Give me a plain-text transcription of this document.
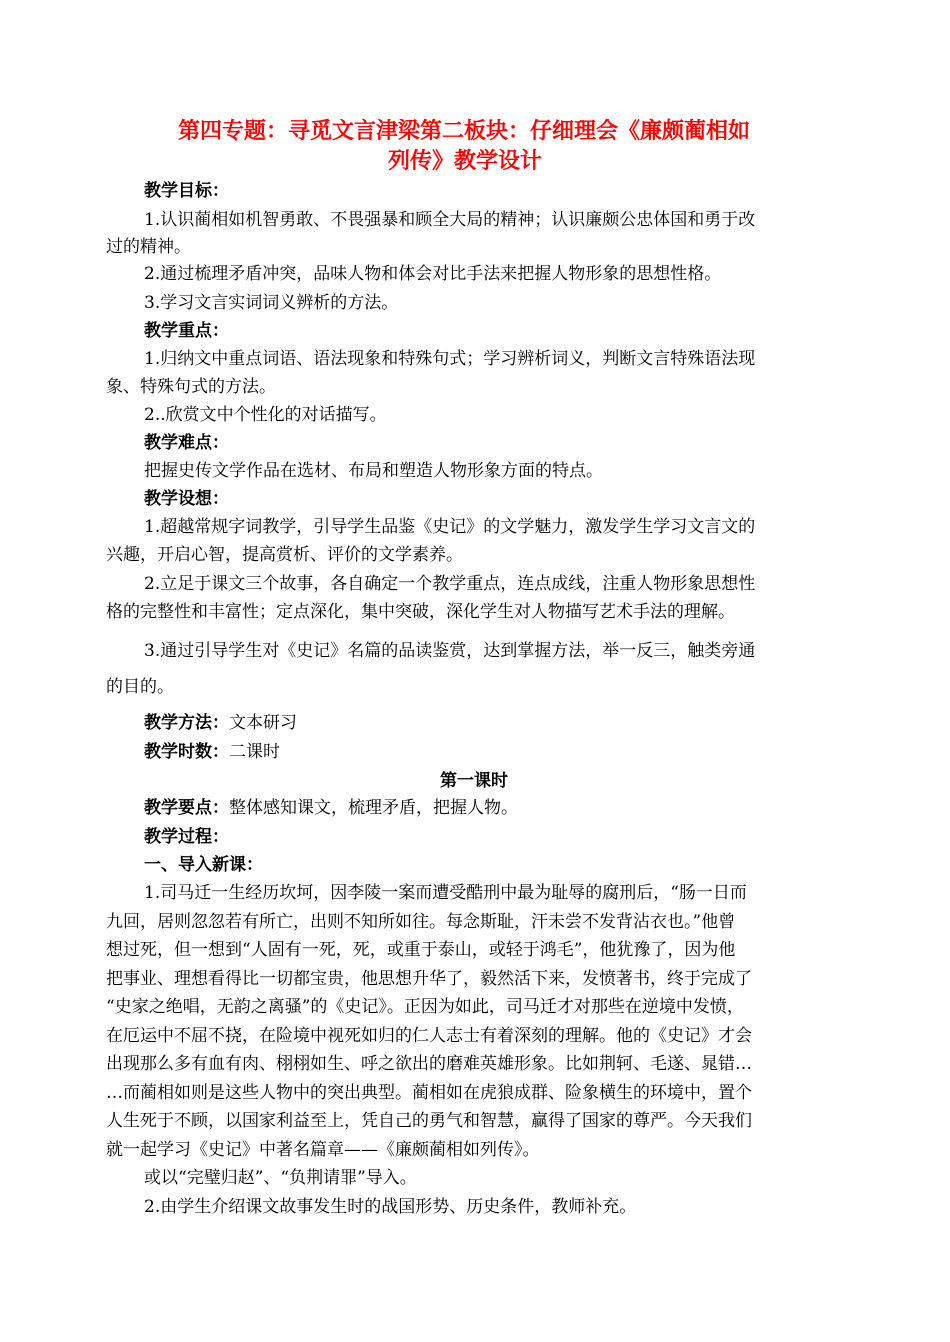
第四专题：寻觅文言津梁第二板块：仔细理会《廉颇蔺相如
列传》教学设计
教学目标：
1.认识蔺相如机智勇敢、不畏强暴和顾全大局的精神；认识廉颇公忠体国和勇于改
过的精神。
2.通过梳理矛盾冲突，品味人物和体会对比手法来把握人物形象的思想性格。
3.学习文言实词词义辨析的方法。
教学重点：
1.归纳文中重点词语、语法现象和特殊句式；学习辨析词义，判断文言特殊语法现
象、特殊句式的方法。
2..欣赏文中个性化的对话描写。
教学难点：
把握史传文学作品在选材、布局和塑造人物形象方面的特点。
教学设想：
1.超越常规字词教学，引导学生品鉴《史记》的文学魅力，激发学生学习文言文的
兴趣，开启心智，提高赏析、评价的文学素养。
2.立足于课文三个故事，各自确定一个教学重点，连点成线，注重人物形象思想性
格的完整性和丰富性；定点深化，集中突破，深化学生对人物描写艺术手法的理解。
3.通过引导学生对《史记》名篇的品读鉴赏，达到掌握方法，举一反三，触类旁通
的目的。
教学方法：文本研习
教学时数：二课时
第一课时
教学要点：整体感知课文，梳理矛盾，把握人物。
教学过程：
一、导入新课：
1.司马迁一生经历坎坷，因李陵一案而遭受酷刑中最为耻辱的腐刑后，“肠一日而
九回，居则忽忽若有所亡，出则不知所如往。每念斯耻，汗未尝不发背沾衣也。”他曾
想过死，但一想到“人固有一死，死，或重于泰山，或轻于鸿毛”，他犹豫了，因为他
把事业、理想看得比一切都宝贵，他思想升华了，毅然活下来，发愤著书，终于完成了
“史家之绝唱，无韵之离骚”的《史记》。正因为如此，司马迁才对那些在逆境中发愤，
在厄运中不屈不挠，在险境中视死如归的仁人志士有着深刻的理解。他的《史记》才会
出现那么多有血有肉、栩栩如生、呼之欲出的磨难英雄形象。比如荆轲、毛遂、晁错…
…而蔺相如则是这些人物中的突出典型。蔺相如在虎狼成群、险象横生的环境中，置个
人生死于不顾，以国家利益至上，凭自己的勇气和智慧，赢得了国家的尊严。今天我们
就一起学习《史记》中著名篇章——《廉颇蔺相如列传》。
或以“完璧归赵”、“负荆请罪”导入。
2.由学生介绍课文故事发生时的战国形势、历史条件，教师补充。
